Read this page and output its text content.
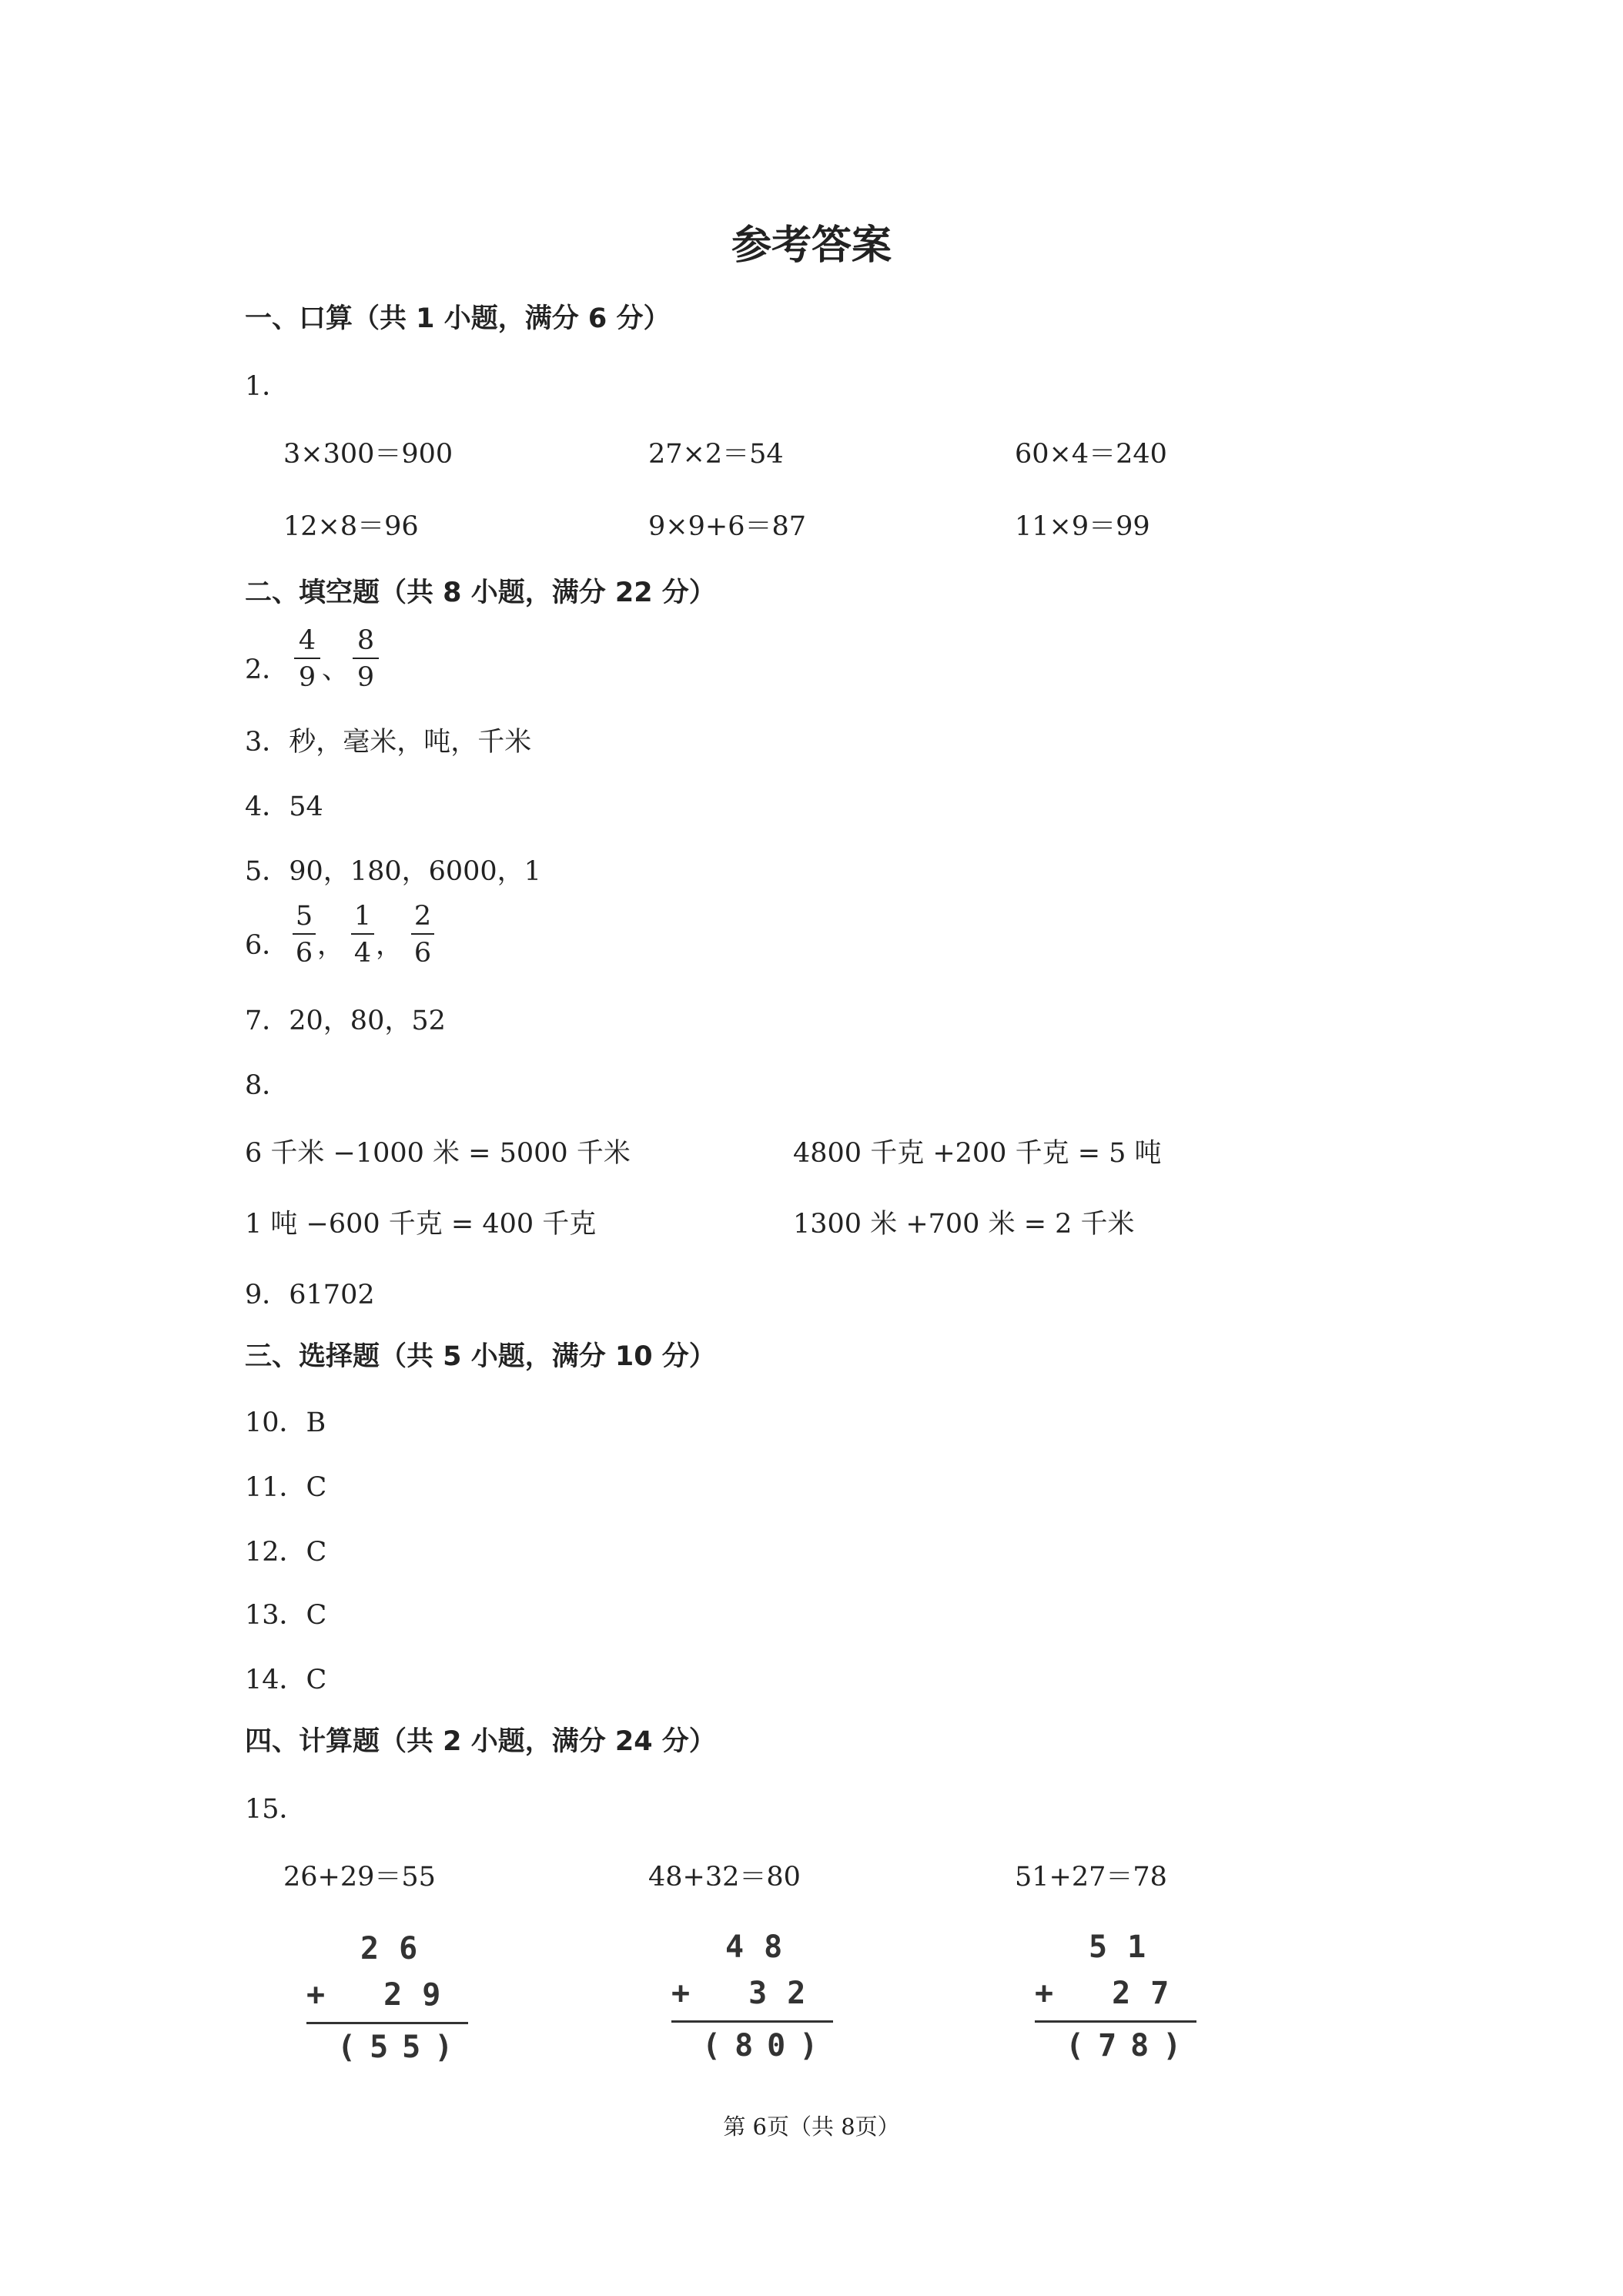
参考答案
一、口算（共 1 小题，满分 6 分）
1．
3×300＝900	27×2＝54	60×4＝240
12×8＝96	9×9+6＝87	11×9＝99
二、填空题（共 8 小题，满分 22 分）
2．
4
9 、
8
9
3．秒，毫米，吨，千米
4．54
5．90，180，6000，1
6．
5
6 ，
1
4 ，
2
6
7．20，80，52
8．
6 千米 −1000 米 = 5000 千米	4800 千克 +200 千克 = 5 吨
1 吨 −600 千克 = 400 千克	1300 米 +700 米 = 2 千米
9．61702
三、选择题（共 5 小题，满分 10 分）
10．B
11．C
12．C
13．C
14．C
四、计算题（共 2 小题，满分 24 分）
15．
26+29＝55	48+32＝80	51+27＝78
26
+ 29
(55)
48
+ 32
(80)
51
+ 27
(78)
第 6页（共 8页）
